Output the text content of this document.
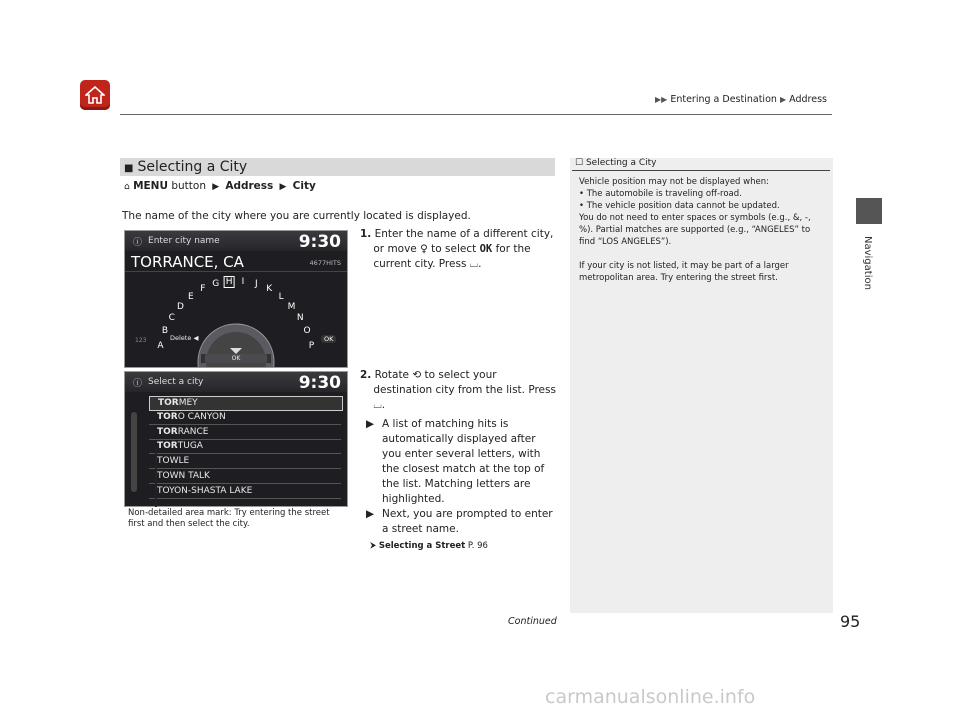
▶▶ Entering a Destination ▶ Address
Navigation
■ Selecting a City
⌂ MENU button  ▶  Address  ▶  City
The name of the city where you are currently located is displayed.
ⓘ Enter city name	9:30
TORRANCE, CA	4677HITS
A
B
C
D
E
F
G H I J
K
L
M
N
O
P
Delete ◀
123	OK
OK
1. Enter the name of a different city,
or move ♀ to select OK for the
current city. Press ⌴.
ⓘ Select a city	9:30
TORMEY
TORO CANYON
TORRANCE
TORTUGA
TOWLE
TOWN TALK
TOYON-SHASTA LAKE
Non-detailed area mark: Try entering the street first and then select the city.
2. Rotate ⟲ to select your
destination city from the list. Press
⌴.
▶ A list of matching hits is automatically displayed after you enter several letters, with the closest match at the top of the list. Matching letters are highlighted.
▶ Next, you are prompted to enter a street name.
⮞ Selecting a Street P. 96
☐ Selecting a City
Vehicle position may not be displayed when:
• The automobile is traveling off-road.
• The vehicle position data cannot be updated.
You do not need to enter spaces or symbols (e.g., &, -, %). Partial matches are supported (e.g., “ANGELES” to find “LOS ANGELES”).
If your city is not listed, it may be part of a larger metropolitan area. Try entering the street first.
Continued	95
carmanualsonline.info
